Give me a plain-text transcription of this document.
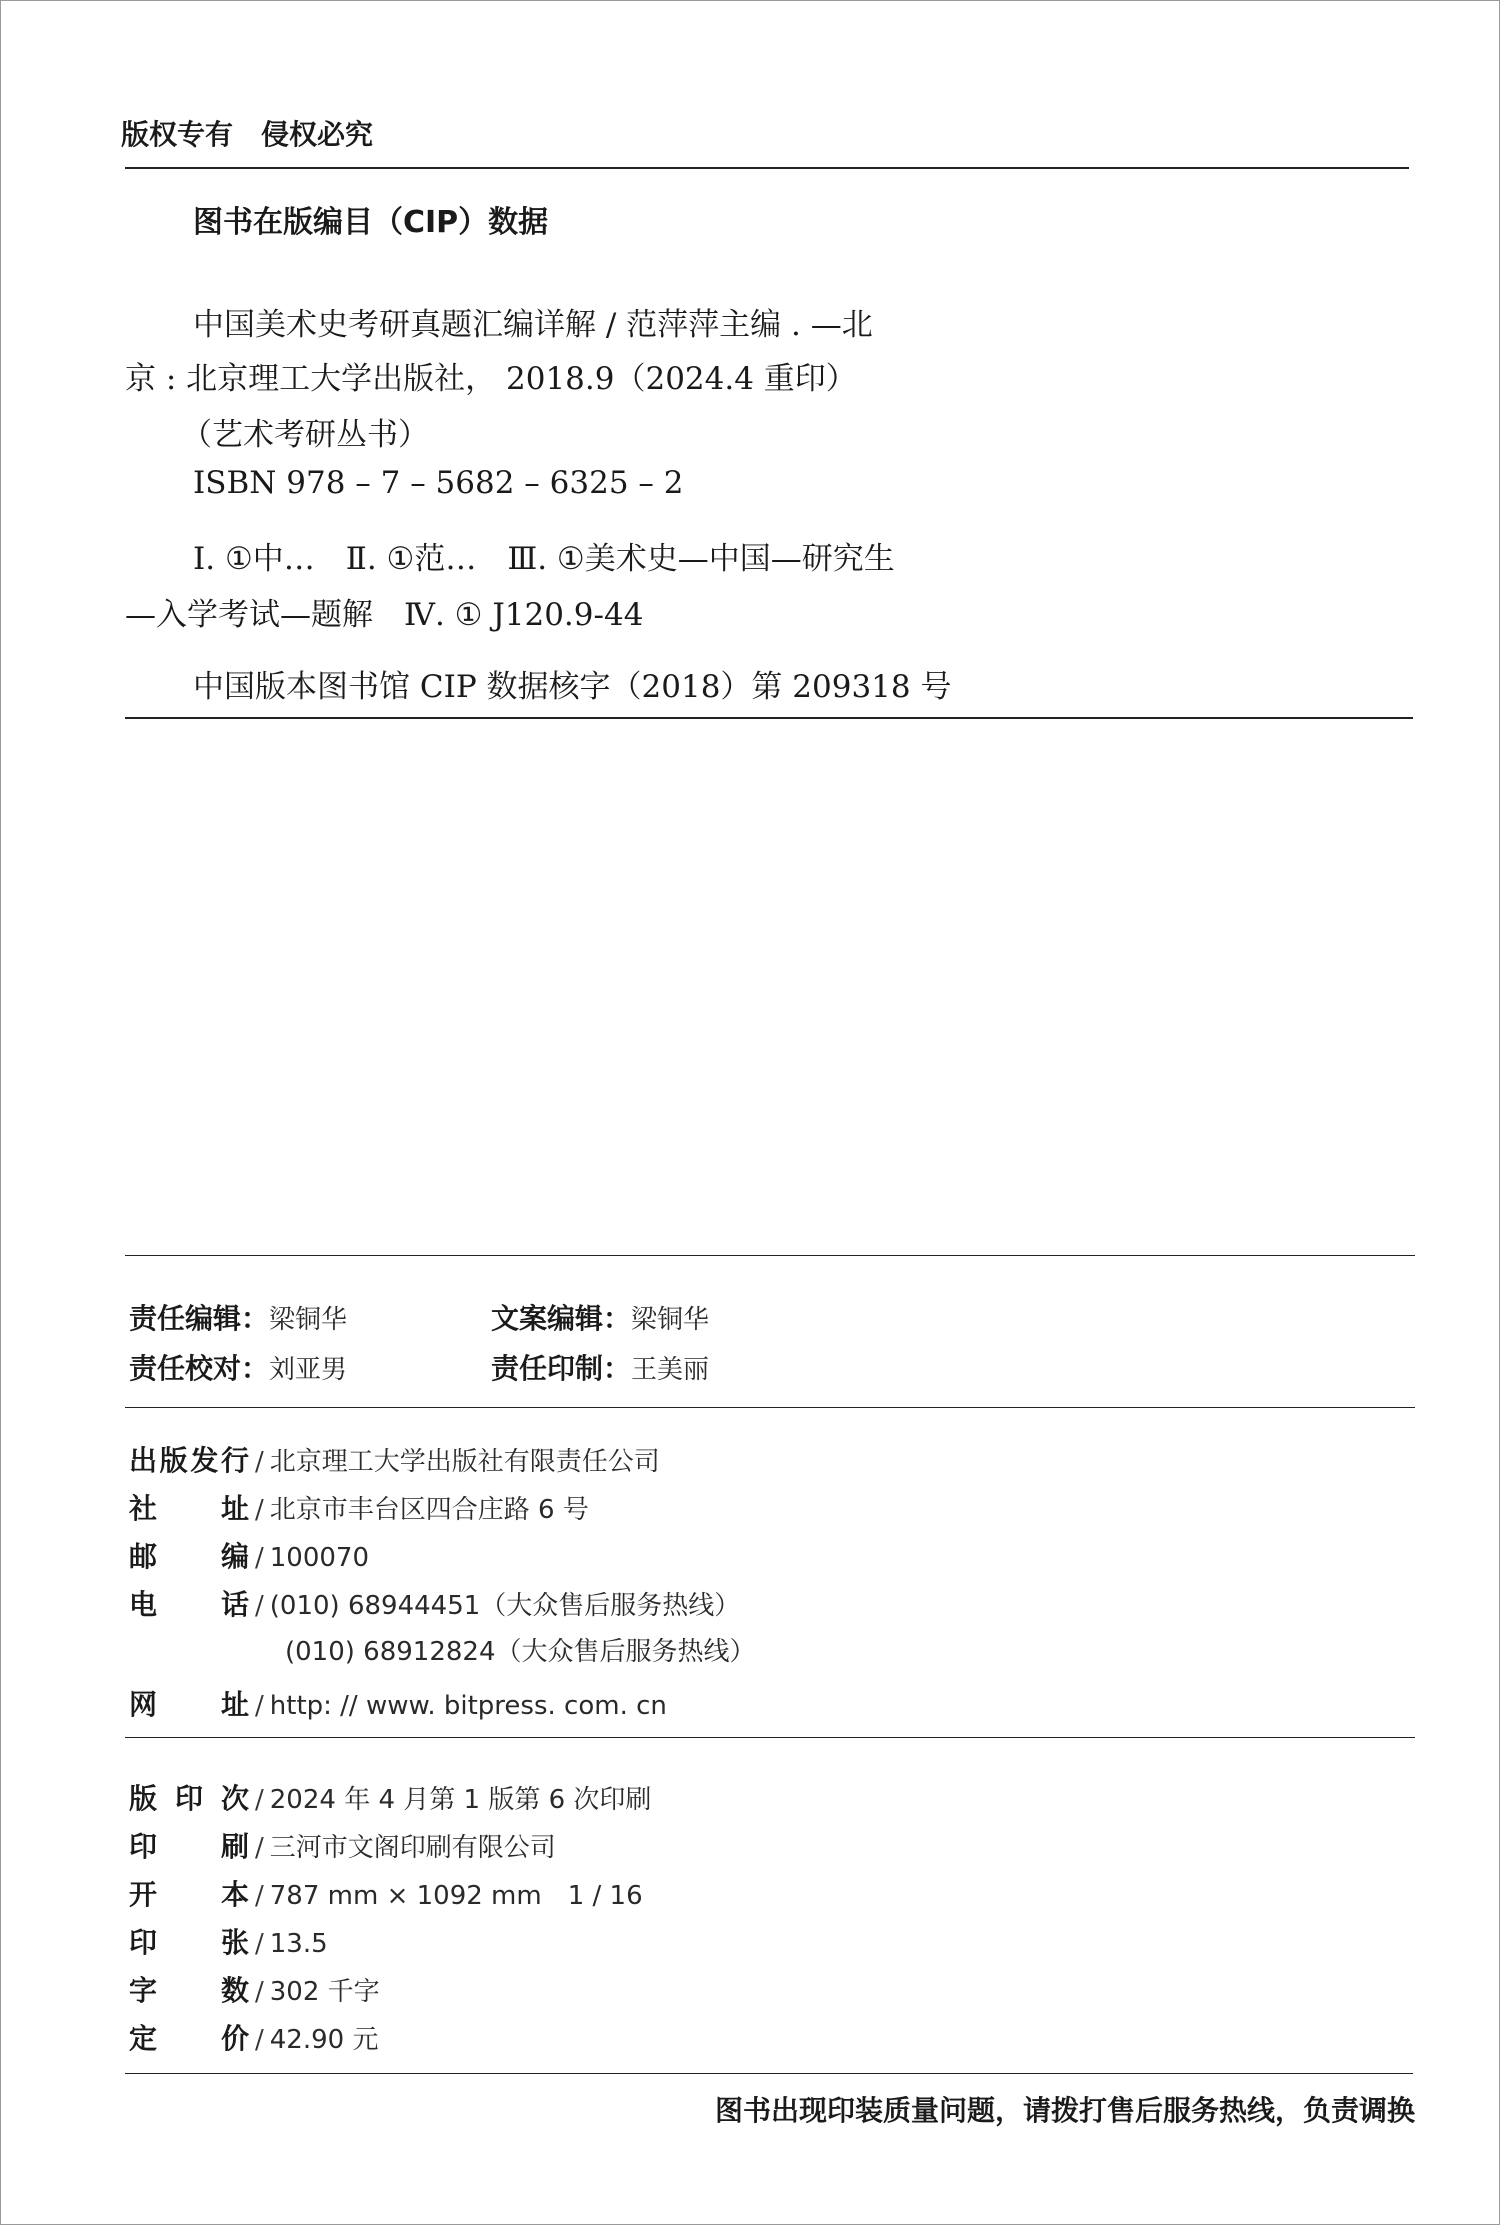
版权专有　侵权必究
图书在版编目（CIP）数据
中国美术史考研真题汇编详解 / 范萍萍主编 . —北
京 : 北京理工大学出版社， 2018.9（2024.4 重印）
（艺术考研丛书）
ISBN 978 – 7 – 5682 – 6325 – 2
Ⅰ. ①中…　Ⅱ. ①范…　Ⅲ. ①美术史—中国—研究生
—入学考试—题解　Ⅳ. ① J120.9-44
中国版本图书馆 CIP 数据核字（2018）第 209318 号
责任编辑：梁铜华	文案编辑：梁铜华
责任校对：刘亚男	责任印制：王美丽
出版发行 / 北京理工大学出版社有限责任公司
社　　址 / 北京市丰台区四合庄路 6 号
邮　　编 / 100070
电　　话 / (010) 68944451（大众售后服务热线）
(010) 68912824（大众售后服务热线）
网　　址 / http: // www. bitpress. com. cn
版 印 次 / 2024 年 4 月第 1 版第 6 次印刷
印　　刷 / 三河市文阁印刷有限公司
开　　本 / 787 mm × 1092 mm　1 / 16
印　　张 / 13.5
字　　数 / 302 千字
定　　价 / 42.90 元
图书出现印装质量问题，请拨打售后服务热线，负责调换
